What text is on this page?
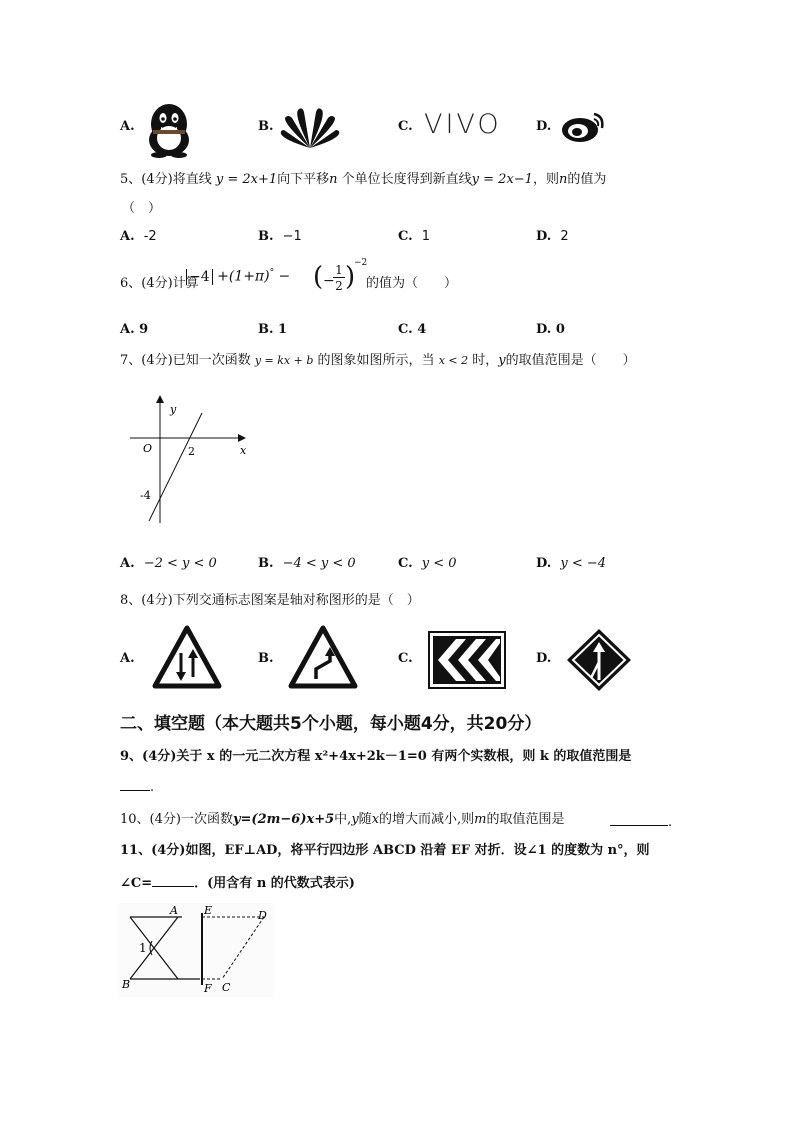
A.	B.	C. VIVO	D.
5、(4分)将直线 y = 2x+1向下平移n 个单位长度得到新直线y = 2x−1，则n的值为
（　）
A. -2	B. −1	C. 1	D. 2
6、(4分)计算
−4 +(1+π)° − ( −
1
2 )
−2
的值为（　　）
A. 9	B. 1	C. 4	D. 0
7、(4分)已知一次函数 y = kx + b 的图象如图所示，当 x < 2 时，y的取值范围是（　　）
y
x
O	2
-4
A. −2 < y < 0	B. −4 < y < 0	C. y < 0	D. y < −4
8、(4分)下列交通标志图案是轴对称图形的是（　）
A.	B.	C.	D.
二、填空题（本大题共5个小题，每小题4分，共20分）
9、(4分)关于 x 的一元二次方程 x²+4x+2k－1=0 有两个实数根，则 k 的取值范围是
.
10、(4分)一次函数y=(2m−6)x+5中,y随x的增大而减小,则m的取值范围是	.
11、(4分)如图，EF⊥AD，将平行四边形 ABCD 沿着 EF 对折．设∠1 的度数为 n°，则
∠C=	．(用含有 n 的代数式表示)
A E	D
B	F C
1
